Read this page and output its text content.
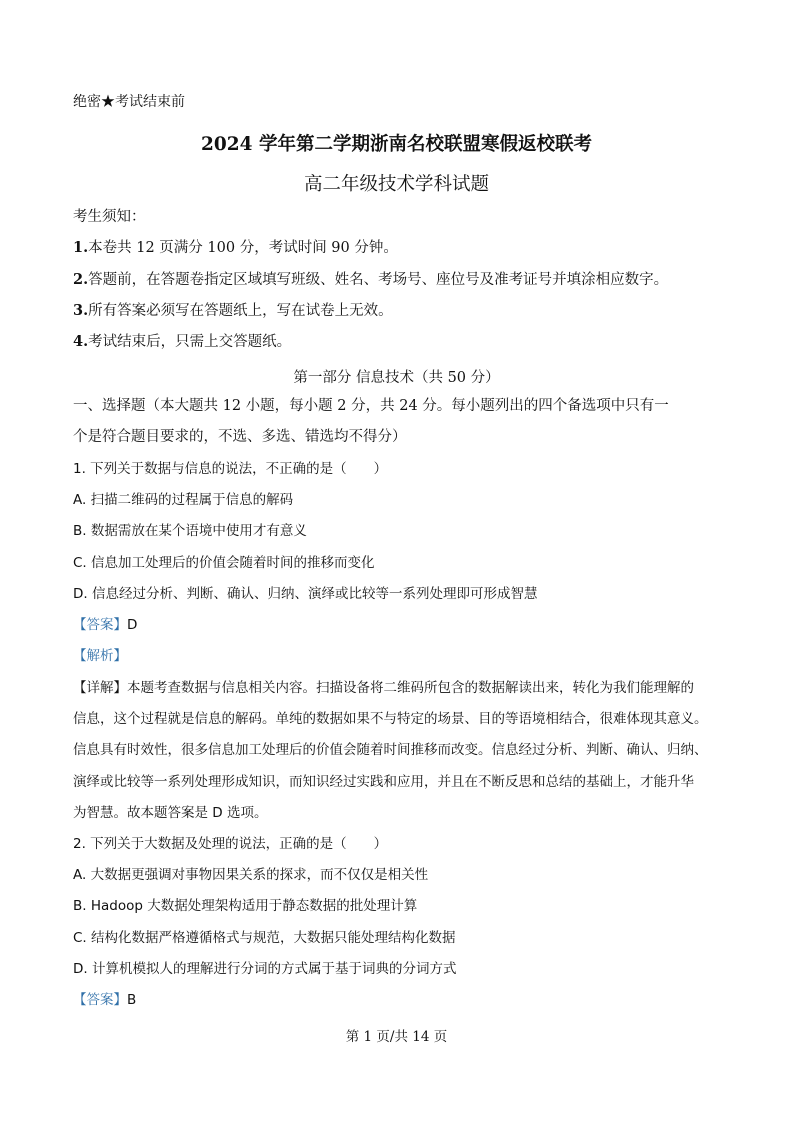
绝密★考试结束前
2024 学年第二学期浙南名校联盟寒假返校联考
高二年级技术学科试题
考生须知：
1.本卷共 12 页满分 100 分，考试时间 90 分钟。
2.答题前，在答题卷指定区域填写班级、姓名、考场号、座位号及准考证号并填涂相应数字。
3.所有答案必须写在答题纸上，写在试卷上无效。
4.考试结束后，只需上交答题纸。
第一部分 信息技术（共 50 分）
一、选择题（本大题共 12 小题，每小题 2 分，共 24 分。每小题列出的四个备选项中只有一
个是符合题目要求的，不选、多选、错选均不得分）
1. 下列关于数据与信息的说法，不正确的是（　　）
A. 扫描二维码的过程属于信息的解码
B. 数据需放在某个语境中使用才有意义
C. 信息加工处理后的价值会随着时间的推移而变化
D. 信息经过分析、判断、确认、归纳、演绎或比较等一系列处理即可形成智慧
【答案】D
【解析】
【详解】本题考查数据与信息相关内容。扫描设备将二维码所包含的数据解读出来，转化为我们能理解的
信息，这个过程就是信息的解码。单纯的数据如果不与特定的场景、目的等语境相结合，很难体现其意义。
信息具有时效性，很多信息加工处理后的价值会随着时间推移而改变。信息经过分析、判断、确认、归纳、
演绎或比较等一系列处理形成知识，而知识经过实践和应用，并且在不断反思和总结的基础上，才能升华
为智慧。故本题答案是 D 选项。
2. 下列关于大数据及处理的说法，正确的是（　　）
A. 大数据更强调对事物因果关系的探求，而不仅仅是相关性
B. Hadoop 大数据处理架构适用于静态数据的批处理计算
C. 结构化数据严格遵循格式与规范，大数据只能处理结构化数据
D. 计算机模拟人的理解进行分词的方式属于基于词典的分词方式
【答案】B
第 1 页/共 14 页
